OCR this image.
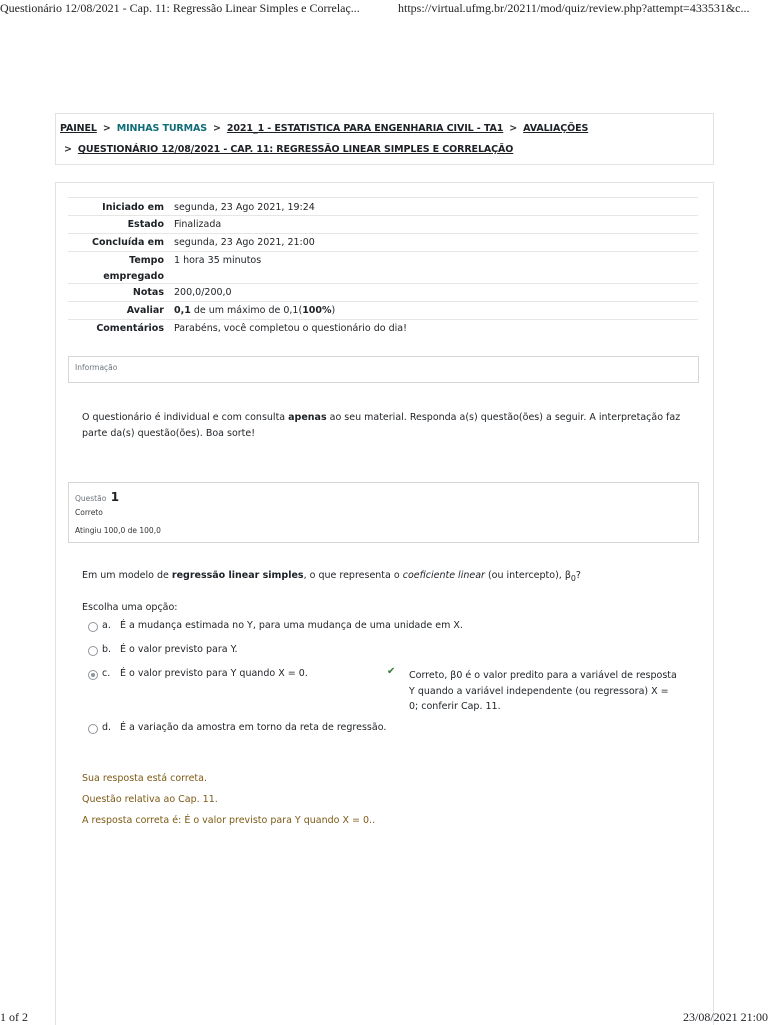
Questionário 12/08/2021 - Cap. 11: Regressão Linear Simples e Correlaç...	https://virtual.ufmg.br/20211/mod/quiz/review.php?attempt=433531&c...
PAINEL > MINHAS TURMAS > 2021_1 - ESTATISTICA PARA ENGENHARIA CIVIL - TA1 > AVALIAÇÕES
> QUESTIONÁRIO 12/08/2021 - CAP. 11: REGRESSÃO LINEAR SIMPLES E CORRELAÇÃO
Iniciado em segunda, 23 Ago 2021, 19:24
Estado Finalizada
Concluída em segunda, 23 Ago 2021, 21:00
Tempo empregado
1 hora 35 minutos
Notas 200,0/200,0
Avaliar 0,1 de um máximo de 0,1(100%)
Comentários Parabéns, você completou o questionário do dia!
Informação
O questionário é individual e com consulta apenas ao seu material. Responda a(s) questão(ões) a seguir. A interpretação faz parte da(s) questão(ões). Boa sorte!
Questão 1
Correto
Atingiu 100,0 de 100,0
Em um modelo de regressão linear simples, o que representa o coeficiente linear (ou intercepto), $\beta_0$?
Escolha uma opção:
a. É a mudança estimada no Y, para uma mudança de uma unidade em X.
b. É o valor previsto para Y.
c. É o valor previsto para Y quando X = 0.
d. É a variação da amostra em torno da reta de regressão.
✔ Correto, β0 é o valor predito para a variável de resposta Y quando a variável independente (ou regressora) X = 0; conferir Cap. 11.
Sua resposta está correta.
Questão relativa ao Cap. 11.
A resposta correta é: É o valor previsto para Y quando X = 0..
1 of 2	23/08/2021 21:00
